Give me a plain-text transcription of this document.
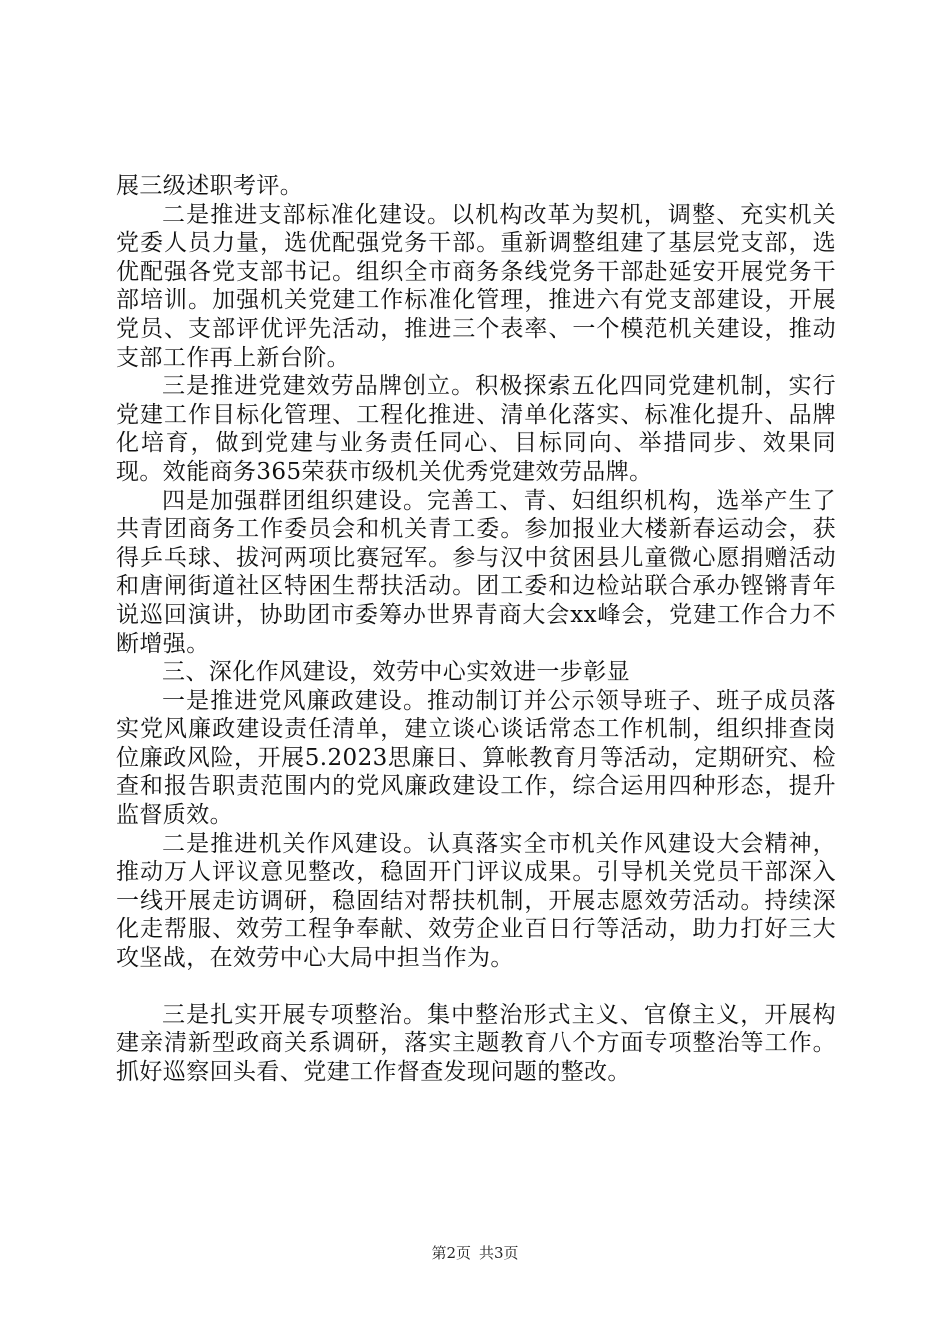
展三级述职考评。

二是推进支部标准化建设。以机构改革为契机，调整、充实机关党委人员力量，选优配强党务干部。重新调整组建了基层党支部，选优配强各党支部书记。组织全市商务条线党务干部赴延安开展党务干部培训。加强机关党建工作标准化管理，推进六有党支部建设，开展党员、支部评优评先活动，推进三个表率、一个模范机关建设，推动支部工作再上新台阶。

三是推进党建效劳品牌创立。积极探索五化四同党建机制，实行党建工作目标化管理、工程化推进、清单化落实、标准化提升、品牌化培育，做到党建与业务责任同心、目标同向、举措同步、效果同现。效能商务365荣获市级机关优秀党建效劳品牌。

四是加强群团组织建设。完善工、青、妇组织机构，选举产生了共青团商务工作委员会和机关青工委。参加报业大楼新春运动会，获得乒乓球、拔河两项比赛冠军。参与汉中贫困县儿童微心愿捐赠活动和唐闸街道社区特困生帮扶活动。团工委和边检站联合承办铿锵青年说巡回演讲，协助团市委筹办世界青商大会xx峰会，党建工作合力不断增强。

三、深化作风建设，效劳中心实效进一步彰显

一是推进党风廉政建设。推动制订并公示领导班子、班子成员落实党风廉政建设责任清单，建立谈心谈话常态工作机制，组织排查岗位廉政风险，开展5.2023思廉日、算帐教育月等活动，定期研究、检查和报告职责范围内的党风廉政建设工作，综合运用四种形态，提升监督质效。

二是推进机关作风建设。认真落实全市机关作风建设大会精神，推动万人评议意见整改，稳固开门评议成果。引导机关党员干部深入一线开展走访调研，稳固结对帮扶机制，开展志愿效劳活动。持续深化走帮服、效劳工程争奉献、效劳企业百日行等活动，助力打好三大攻坚战，在效劳中心大局中担当作为。

三是扎实开展专项整治。集中整治形式主义、官僚主义，开展构建亲清新型政商关系调研，落实主题教育八个方面专项整治等工作。抓好巡察回头看、党建工作督查发现问题的整改。

第2页 共3页
